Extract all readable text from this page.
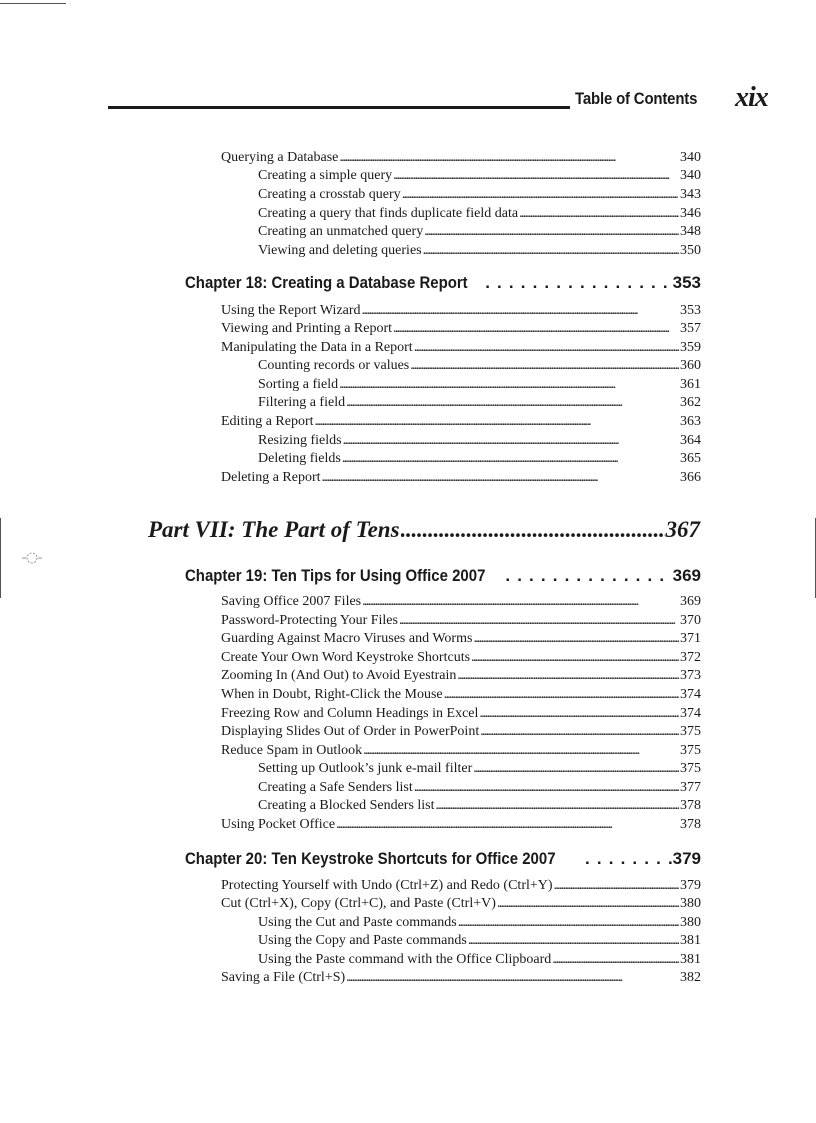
Table of Contents xix
Querying a Database . . .	340
Creating a simple query . . .	340
Creating a crosstab query . . .	343
Creating a query that finds duplicate field data . . .	346
Creating an unmatched query . . .	348
Viewing and deleting queries . . .	350
Chapter 18: Creating a Database Report . . .	353
Using the Report Wizard . . .	353
Viewing and Printing a Report . . .	357
Manipulating the Data in a Report . . .	359
Counting records or values . . .	360
Sorting a field . . .	361
Filtering a field . . .	362
Editing a Report . . .	363
Resizing fields . . .	364
Deleting fields . . .	365
Deleting a Report . . .	366
Part VII: The Part of Tens . . .	367
Chapter 19: Ten Tips for Using Office 2007 . . .	369
Saving Office 2007 Files . . .	369
Password-Protecting Your Files . . .	370
Guarding Against Macro Viruses and Worms . . .	371
Create Your Own Word Keystroke Shortcuts . . .	372
Zooming In (And Out) to Avoid Eyestrain . . .	373
When in Doubt, Right-Click the Mouse . . .	374
Freezing Row and Column Headings in Excel . . .	374
Displaying Slides Out of Order in PowerPoint . . .	375
Reduce Spam in Outlook . . .	375
Setting up Outlook’s junk e-mail filter . . .	375
Creating a Safe Senders list . . .	377
Creating a Blocked Senders list . . .	378
Using Pocket Office . . .	378
Chapter 20: Ten Keystroke Shortcuts for Office 2007 . . .	379
Protecting Yourself with Undo (Ctrl+Z) and Redo (Ctrl+Y) . . .	379
Cut (Ctrl+X), Copy (Ctrl+C), and Paste (Ctrl+V) . . .	380
Using the Cut and Paste commands . . .	380
Using the Copy and Paste commands . . .	381
Using the Paste command with the Office Clipboard . . .	381
Saving a File (Ctrl+S) . . .	382
